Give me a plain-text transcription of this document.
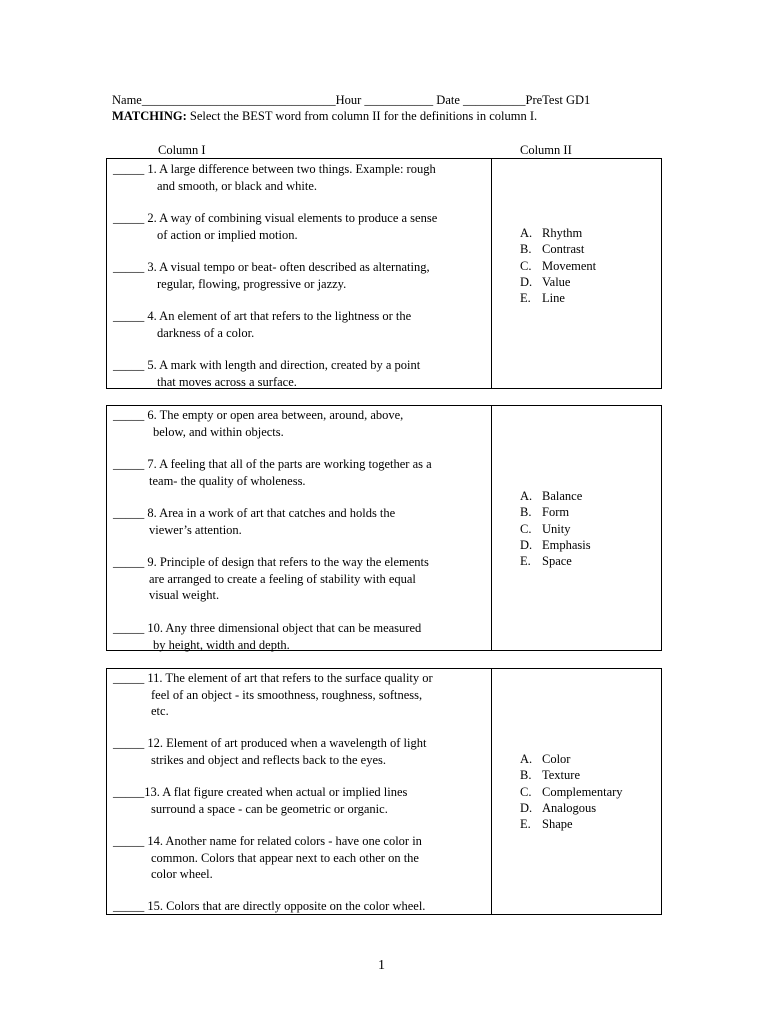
Name_______________________________Hour ___________ Date __________PreTest GD1
MATCHING: Select the BEST word from column II for the definitions in column I.
Column I	Column II
_____ 1. A large difference between two things. Example: rough
and smooth, or black and white.
_____ 2. A way of combining visual elements to produce a sense
of action or implied motion.
_____ 3. A visual tempo or beat- often described as alternating,
regular, flowing, progressive or jazzy.
_____ 4. An element of art that refers to the lightness or the
darkness of a color.
_____ 5. A mark with length and direction, created by a point
that moves across a surface.
A. Rhythm
B. Contrast
C. Movement
D. Value
E. Line
_____ 6. The empty or open area between, around, above,
below, and within objects.
_____ 7. A feeling that all of the parts are working together as a
team- the quality of wholeness.
_____ 8. Area in a work of art that catches and holds the
viewer’s attention.
_____ 9. Principle of design that refers to the way the elements
are arranged to create a feeling of stability with equal
visual weight.
_____ 10. Any three dimensional object that can be measured
by height, width and depth.
A. Balance
B. Form
C. Unity
D. Emphasis
E. Space
_____ 11. The element of art that refers to the surface quality or
feel of an object - its smoothness, roughness, softness,
etc.
_____ 12. Element of art produced when a wavelength of light
strikes and object and reflects back to the eyes.
_____13. A flat figure created when actual or implied lines
surround a space - can be geometric or organic.
_____ 14. Another name for related colors - have one color in
common. Colors that appear next to each other on the
color wheel.
_____ 15. Colors that are directly opposite on the color wheel.
A. Color
B. Texture
C. Complementary
D. Analogous
E. Shape
1
